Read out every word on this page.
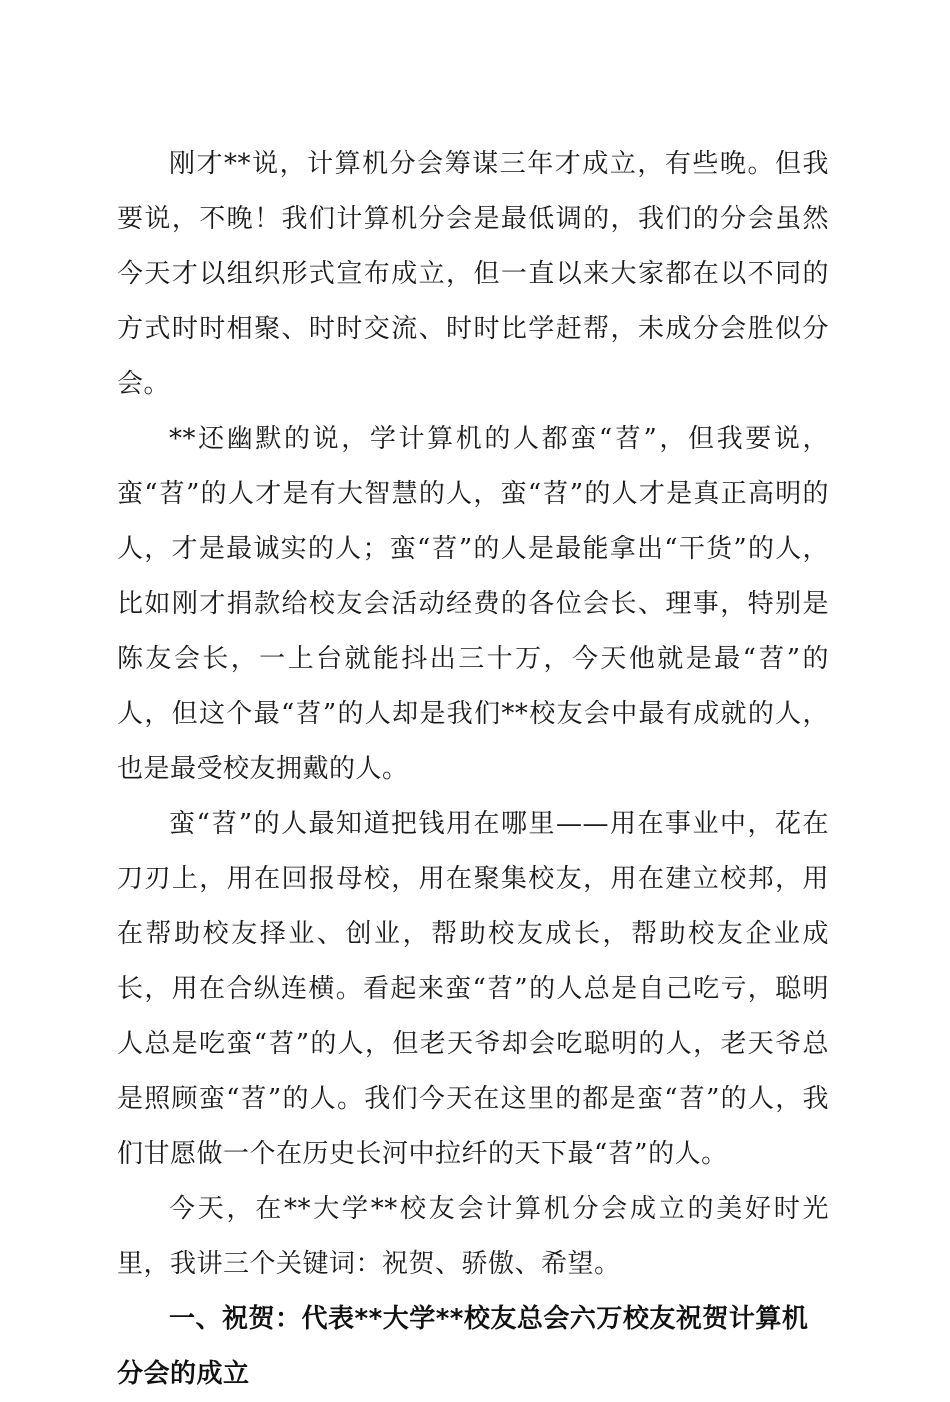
刚才**说，计算机分会筹谋三年才成立，有些晚。但我要说，不晚！我们计算机分会是最低调的，我们的分会虽然今天才以组织形式宣布成立，但一直以来大家都在以不同的方式时时相聚、时时交流、时时比学赶帮，未成分会胜似分会。

**还幽默的说，学计算机的人都蛮“苕”，但我要说，蛮“苕”的人才是有大智慧的人，蛮“苕”的人才是真正高明的人，才是最诚实的人；蛮“苕”的人是最能拿出“干货”的人，比如刚才捐款给校友会活动经费的各位会长、理事，特别是陈友会长，一上台就能抖出三十万，今天他就是最“苕”的人，但这个最“苕”的人却是我们**校友会中最有成就的人，也是最受校友拥戴的人。

蛮“苕”的人最知道把钱用在哪里——用在事业中，花在刀刃上，用在回报母校，用在聚集校友，用在建立校邦，用在帮助校友择业、创业，帮助校友成长，帮助校友企业成长，用在合纵连横。看起来蛮“苕”的人总是自己吃亏，聪明人总是吃蛮“苕”的人，但老天爷却会吃聪明的人，老天爷总是照顾蛮“苕”的人。我们今天在这里的都是蛮“苕”的人，我们甘愿做一个在历史长河中拉纤的天下最“苕”的人。

今天，在**大学**校友会计算机分会成立的美好时光里，我讲三个关键词：祝贺、骄傲、希望。

一、祝贺：代表**大学**校友总会六万校友祝贺计算机分会的成立
